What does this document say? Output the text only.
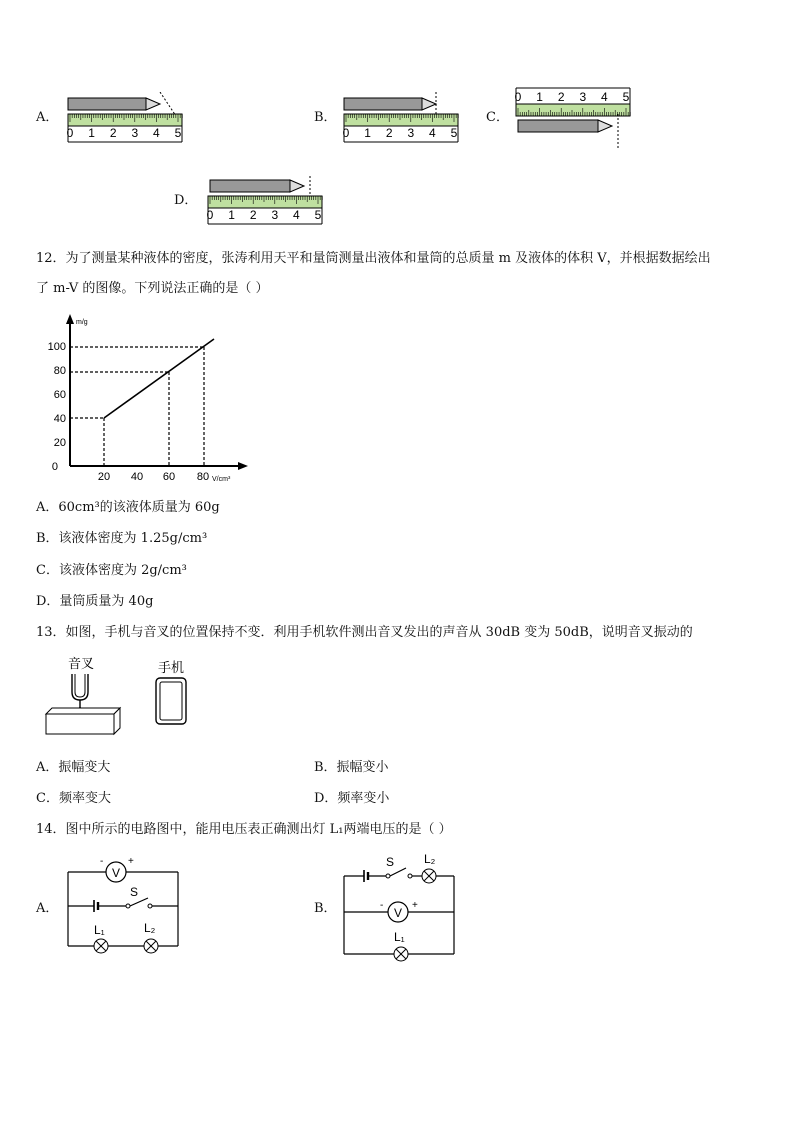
A．
0 1 2 3 4 5
B．
0 1 2 3 4 5
C．
0 1 2 3 4 5
D．
0 1 2 3 4 5
12．为了测量某种液体的密度，张涛利用天平和量筒测量出液体和量筒的总质量 m 及液体的体积 V，并根据数据绘出
了 m-V 的图像。下列说法正确的是（ ）
m/g
V/cm³
0
20
40
60
80
100
20 40 60 80
A．60cm³的该液体质量为 60g
B．该液体密度为 1.25g/cm³
C．该液体密度为 2g/cm³
D．量筒质量为 40g
13．如图，手机与音叉的位置保持不变．利用手机软件测出音叉发出的声音从 30dB 变为 50dB，说明音叉振动的
音叉	手机
A．振幅变大	B．振幅变小
C．频率变大	D．频率变小
14．图中所示的电路图中，能用电压表正确测出灯 L₁两端电压的是（ ）
A．
V
- +
S
L₁	L₂
B．
S L₂
V
-	+
L₁
